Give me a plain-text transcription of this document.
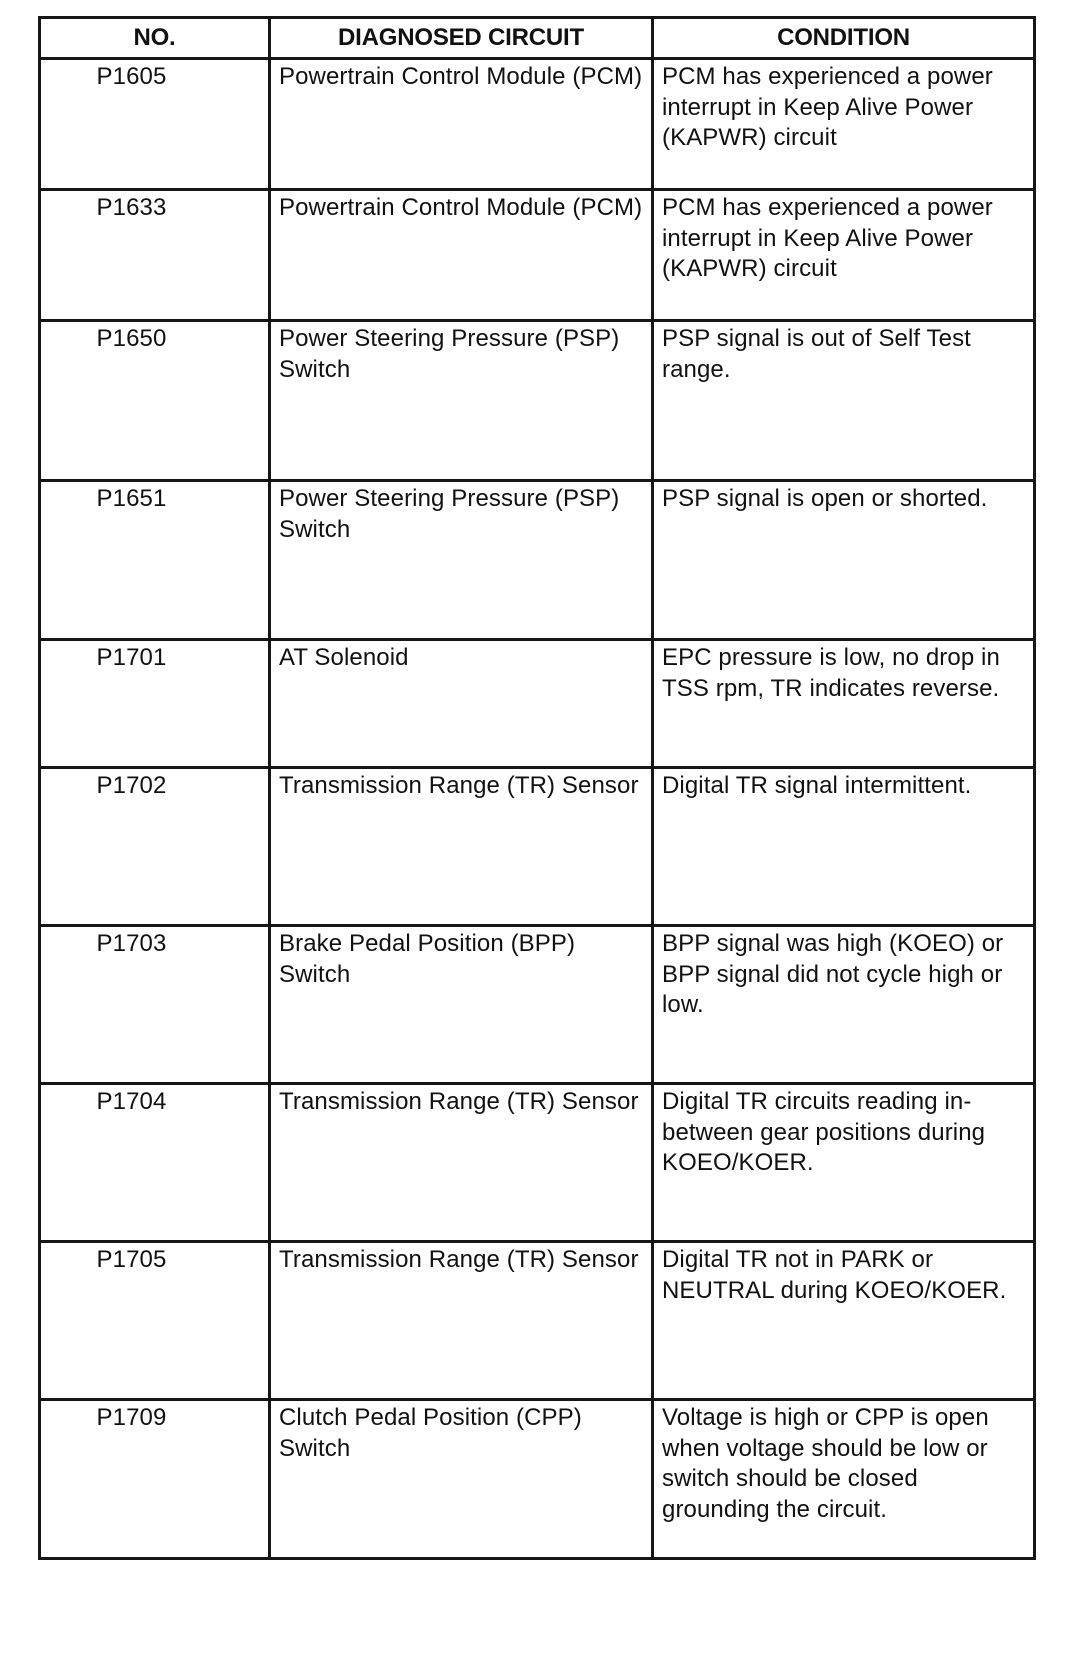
NO.	DIAGNOSED CIRCUIT	CONDITION
P1605	Powertrain Control Module (PCM)	PCM has experienced a power interrupt in Keep Alive Power (KAPWR) circuit
P1633	Powertrain Control Module (PCM)	PCM has experienced a power interrupt in Keep Alive Power (KAPWR) circuit
P1650	Power Steering Pressure (PSP) Switch	PSP signal is out of Self Test range.
P1651	Power Steering Pressure (PSP) Switch	PSP signal is open or shorted.
P1701	AT Solenoid	EPC pressure is low, no drop in TSS rpm, TR indicates reverse.
P1702	Transmission Range (TR) Sensor	Digital TR signal intermittent.
P1703	Brake Pedal Position (BPP) Switch	BPP signal was high (KOEO) or BPP signal did not cycle high or low.
P1704	Transmission Range (TR) Sensor	Digital TR circuits reading in-between gear positions during KOEO/KOER.
P1705	Transmission Range (TR) Sensor	Digital TR not in PARK or NEUTRAL during KOEO/KOER.
P1709	Clutch Pedal Position (CPP) Switch	Voltage is high or CPP is open when voltage should be low or switch should be closed grounding the circuit.
